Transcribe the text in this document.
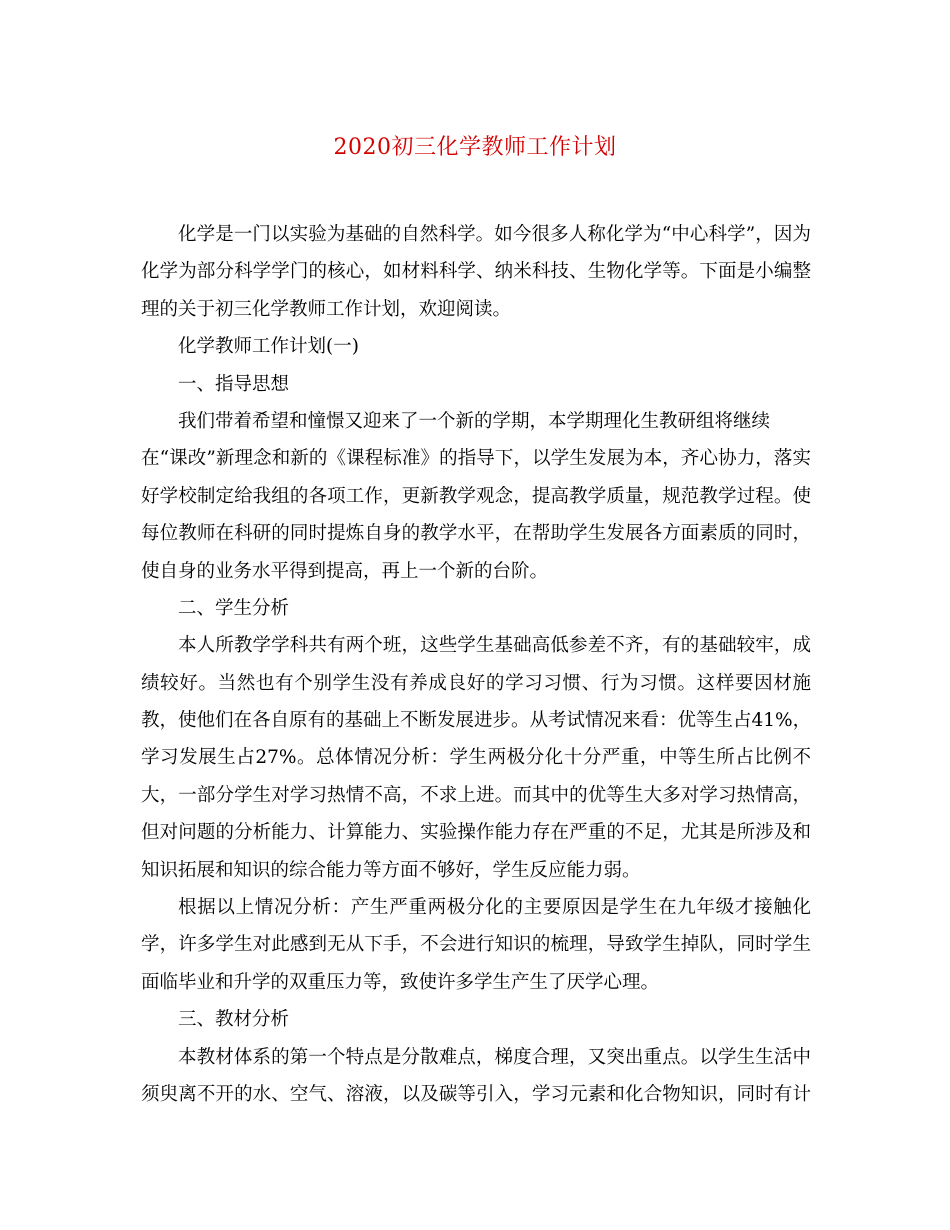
2020初三化学教师工作计划
化学是一门以实验为基础的自然科学。如今很多人称化学为“中心科学”，因为
化学为部分科学学门的核心，如材料科学、纳米科技、生物化学等。下面是小编整
理的关于初三化学教师工作计划，欢迎阅读。
化学教师工作计划(一)
一、指导思想
我们带着希望和憧憬又迎来了一个新的学期，本学期理化生教研组将继续
在“课改”新理念和新的《课程标准》的指导下，以学生发展为本，齐心协力，落实
好学校制定给我组的各项工作，更新教学观念，提高教学质量，规范教学过程。使
每位教师在科研的同时提炼自身的教学水平，在帮助学生发展各方面素质的同时，
使自身的业务水平得到提高，再上一个新的台阶。
二、学生分析
本人所教学学科共有两个班，这些学生基础高低参差不齐，有的基础较牢，成
绩较好。当然也有个别学生没有养成良好的学习习惯、行为习惯。这样要因材施
教，使他们在各自原有的基础上不断发展进步。从考试情况来看：优等生占41%，
学习发展生占27%。总体情况分析：学生两极分化十分严重，中等生所占比例不
大，一部分学生对学习热情不高，不求上进。而其中的优等生大多对学习热情高，
但对问题的分析能力、计算能力、实验操作能力存在严重的不足，尤其是所涉及和
知识拓展和知识的综合能力等方面不够好，学生反应能力弱。
根据以上情况分析：产生严重两极分化的主要原因是学生在九年级才接触化
学，许多学生对此感到无从下手，不会进行知识的梳理，导致学生掉队，同时学生
面临毕业和升学的双重压力等，致使许多学生产生了厌学心理。
三、教材分析
本教材体系的第一个特点是分散难点，梯度合理，又突出重点。以学生生活中
须臾离不开的水、空气、溶液，以及碳等引入，学习元素和化合物知识，同时有计
